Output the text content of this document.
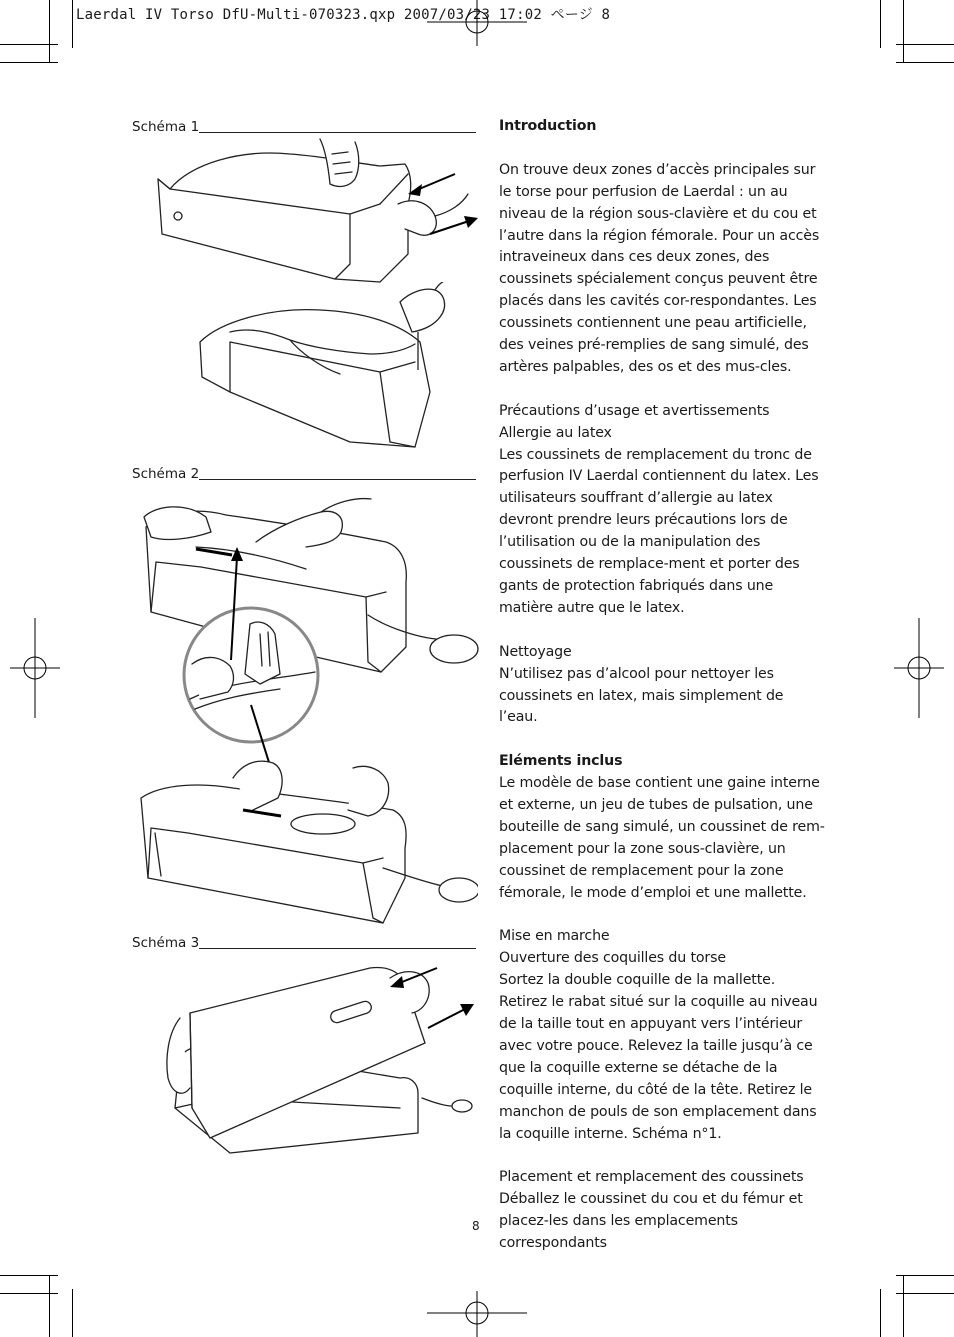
Laerdal IV Torso DfU-Multi-070323.qxp 2007/03/23 17:02 ページ 8
Schéma 1
Schéma 2
Schéma 3

Introduction

On trouve deux zones d’accès principales sur le torse pour perfusion de Laerdal : un au niveau de la région sous-clavière et du cou et l’autre dans la région fémorale. Pour un accès intraveineux dans ces deux zones, des coussinets spécialement conçus peuvent être placés dans les cavités cor-respondantes. Les coussinets contiennent une peau artificielle, des veines pré-remplies de sang simulé, des artères palpables, des os et des mus-cles.

Précautions d’usage et avertissements

Allergie au latex

Les coussinets de remplacement du tronc de perfusion IV Laerdal contiennent du latex. Les utilisateurs souffrant d’allergie au latex devront prendre leurs précautions lors de l’utilisation ou de la manipulation des coussinets de remplace-ment et porter des gants de protection fabriqués dans une matière autre que le latex.

Nettoyage

N’utilisez pas d’alcool pour nettoyer les coussinets en latex, mais simplement de l’eau.

Eléments inclus

Le modèle de base contient une gaine interne et externe, un jeu de tubes de pulsation, une bouteille de sang simulé, un coussinet de rem-placement pour la zone sous-clavière, un coussinet de remplacement pour la zone fémorale, le mode d’emploi et une mallette.

Mise en marche

Ouverture des coquilles du torse

Sortez la double coquille de la mallette. Retirez le rabat situé sur la coquille au niveau de la taille tout en appuyant vers l’intérieur avec votre pouce. Relevez la taille jusqu’à ce que la coquille externe se détache de la coquille interne, du côté de la tête. Retirez le manchon de pouls de son emplacement dans la coquille interne. Schéma n°1.

Placement et remplacement des coussinets

Déballez le coussinet du cou et du fémur et placez-les dans les emplacements correspondants

8
